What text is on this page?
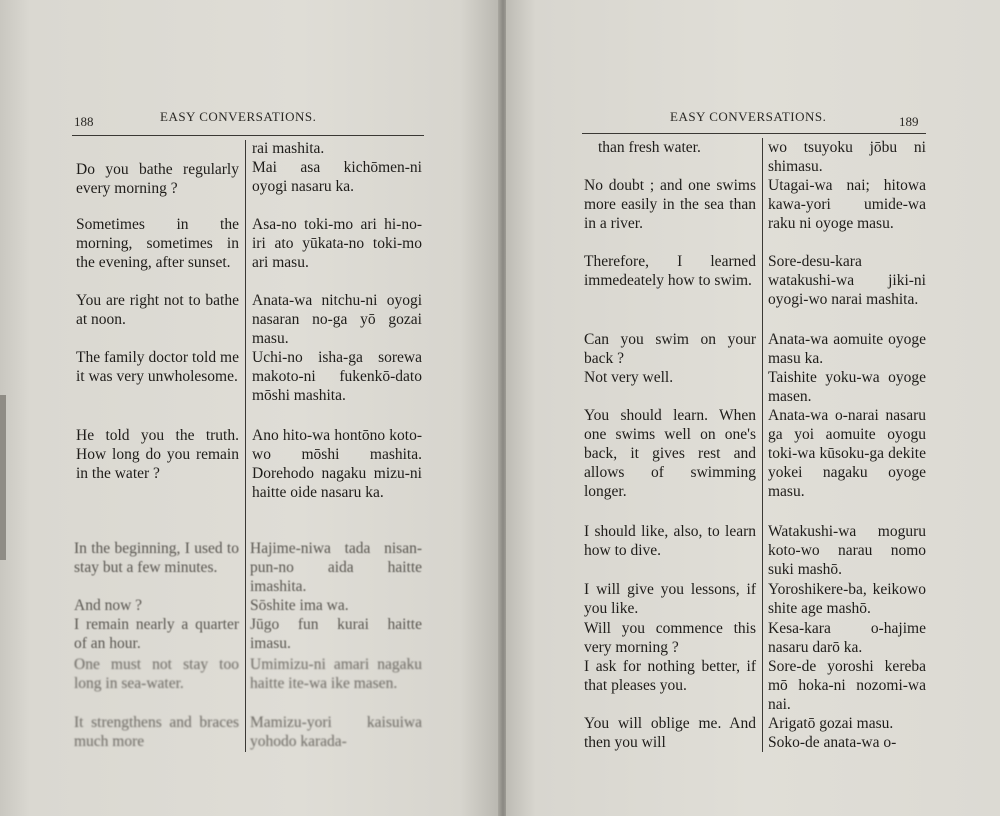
188	EASY CONVERSATIONS.

Do you bathe regularly every morning ?

Sometimes in the morning, sometimes in the evening, after sunset.

You are right not to bathe at noon.

The family doctor told me it was very unwholesome.

He told you the truth. How long do you remain in the water ?

In the beginning, I used to stay but a few minutes.

And now ?

I remain nearly a quarter of an hour.

One must not stay too long in sea-water.

It strengthens and braces much more

rai mashita.

Mai asa kichōmen-ni oyogi nasaru ka.

Asa-no toki-mo ari hi-no-iri ato yūkata-no toki-mo ari masu.

Anata-wa nitchu-ni oyogi nasaran no-ga yō gozai masu.

Uchi-no isha-ga sorewa makoto-ni fukenkō-dato mōshi mashita.

Ano hito-wa hontōno koto-wo mōshi mashita. Dorehodo nagaku mizu-ni haitte oide nasaru ka.

Hajime-niwa tada nisan-pun-no aida haitte imashita.

Sōshite ima wa.

Jūgo fun kurai haitte imasu.

Umimizu-ni amari nagaku haitte ite-wa ike masen.

Mamizu-yori kaisuiwa yohodo karada-

EASY CONVERSATIONS.	189

than fresh water.

No doubt ; and one swims more easily in the sea than in a river.

Therefore, I learned immedeately how to swim.

Can you swim on your back ?

Not very well.

You should learn. When one swims well on one's back, it gives rest and allows of swimming longer.

I should like, also, to learn how to dive.

I will give you lessons, if you like.

Will you commence this very morning ?

I ask for nothing better, if that pleases you.

You will oblige me. And then you will

wo tsuyoku jōbu ni shimasu.

Utagai-wa nai; hitowa kawa-yori umide-wa raku ni oyoge masu.

Sore-desu-kara watakushi-wa jiki-ni oyogi-wo narai mashita.

Anata-wa aomuite oyoge masu ka.

Taishite yoku-wa oyoge masen.

Anata-wa o-narai nasaru ga yoi aomuite oyogu toki-wa kūsoku-ga dekite yokei nagaku oyoge masu.

Watakushi-wa moguru koto-wo narau nomo suki mashō.

Yoroshikere-ba, keikowo shite age mashō.

Kesa-kara o-hajime nasaru darō ka.

Sore-de yoroshi kereba mō hoka-ni nozomi-wa nai.

Arigatō gozai masu.

Soko-de anata-wa o-
